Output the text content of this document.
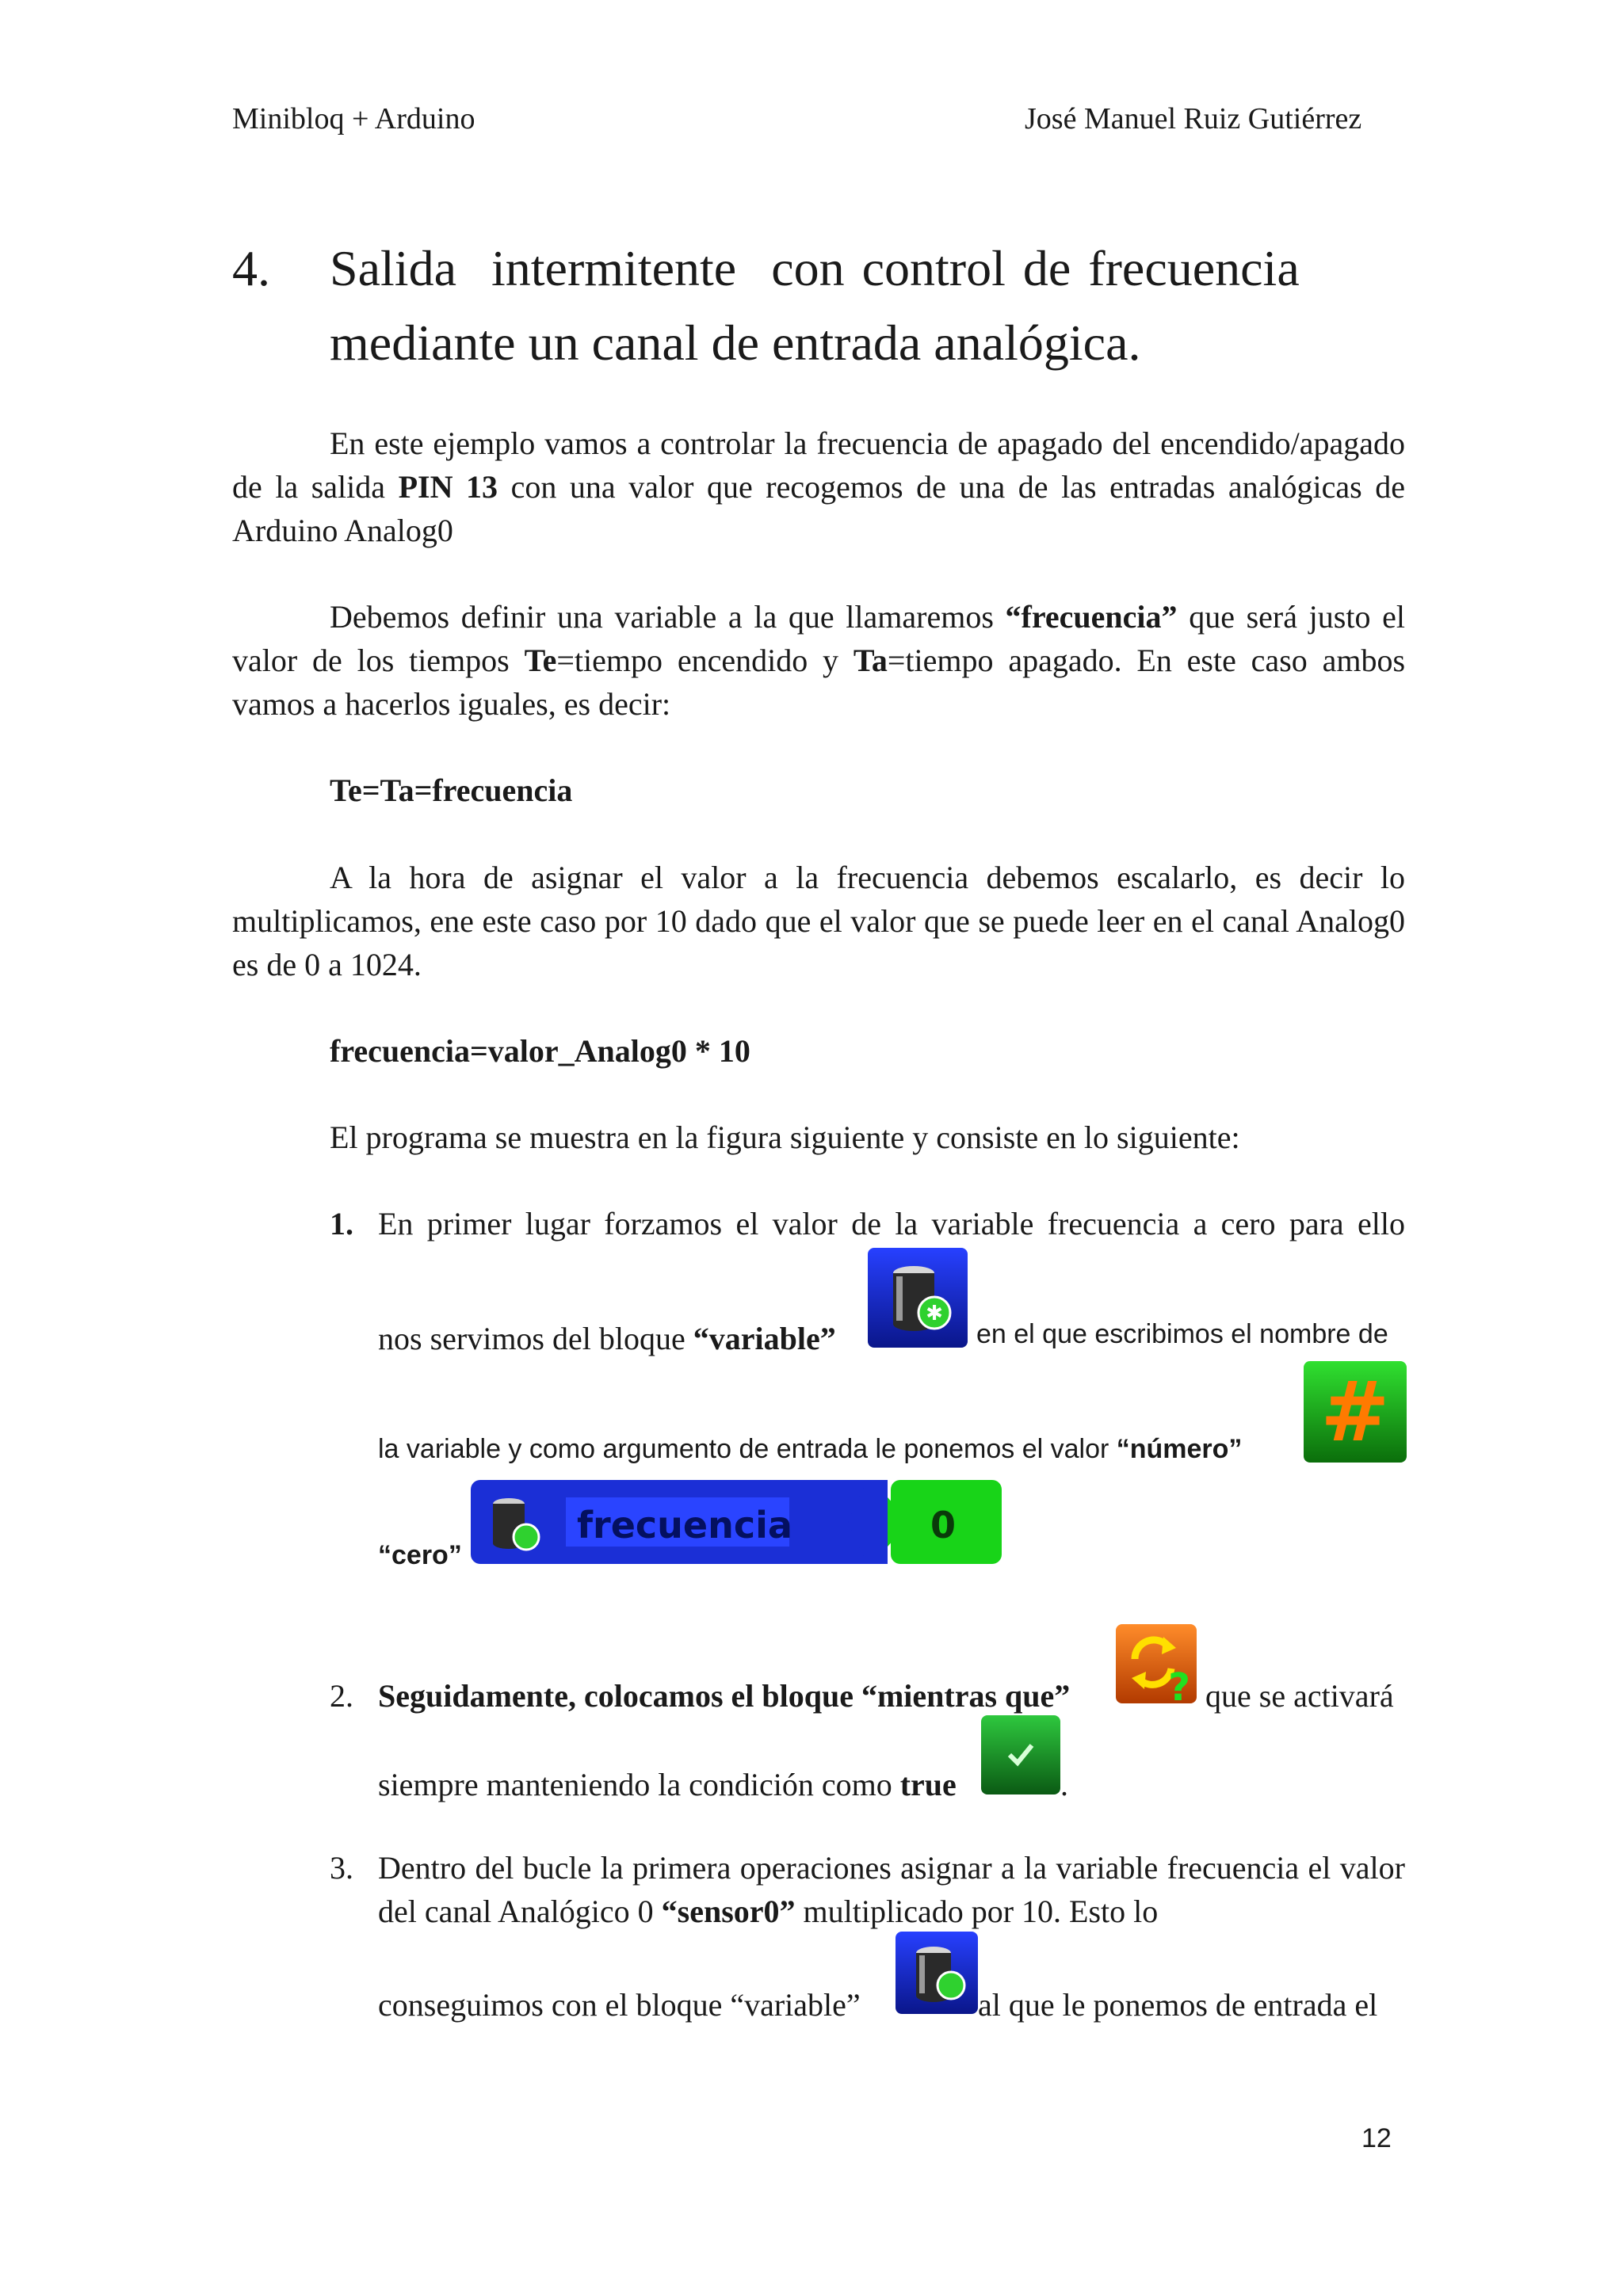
Minibloq + Arduino	José Manuel Ruiz Gutiérrez
4. Salida  intermitente  con control de frecuencia
mediante un canal de entrada analógica.
En este ejemplo vamos a controlar la frecuencia de apagado del encendido/apagado de la salida PIN 13 con una valor que recogemos de una de las entradas analógicas de Arduino Analog0
Debemos definir una variable a la que llamaremos “frecuencia” que será justo el valor de los tiempos Te=tiempo encendido y Ta=tiempo apagado. En este caso ambos vamos a hacerlos iguales, es decir:
Te=Ta=frecuencia
A la hora de asignar el valor a la frecuencia debemos escalarlo, es decir lo multiplicamos, ene este caso por 10 dado que el valor que se puede leer en el canal Analog0 es de 0 a 1024.
frecuencia=valor_Analog0 * 10
El programa se muestra en la figura siguiente y consiste en lo siguiente:
1. En primer lugar forzamos el valor de la variable frecuencia a cero para ello
nos servimos del bloque “variable”
✱
en el que escribimos el nombre de
la variable y como argumento de entrada le ponemos el valor “número” #
“cero”
frecuencia	0
2. Seguidamente, colocamos el bloque “mientras que”	? que se activará
siempre manteniendo la condición como true	.
3. Dentro del bucle la primera operaciones asignar a la variable frecuencia el valor del canal Analógico 0 “sensor0” multiplicado por 10. Esto lo
conseguimos con el bloque “variable”	al que le ponemos de entrada el
12
